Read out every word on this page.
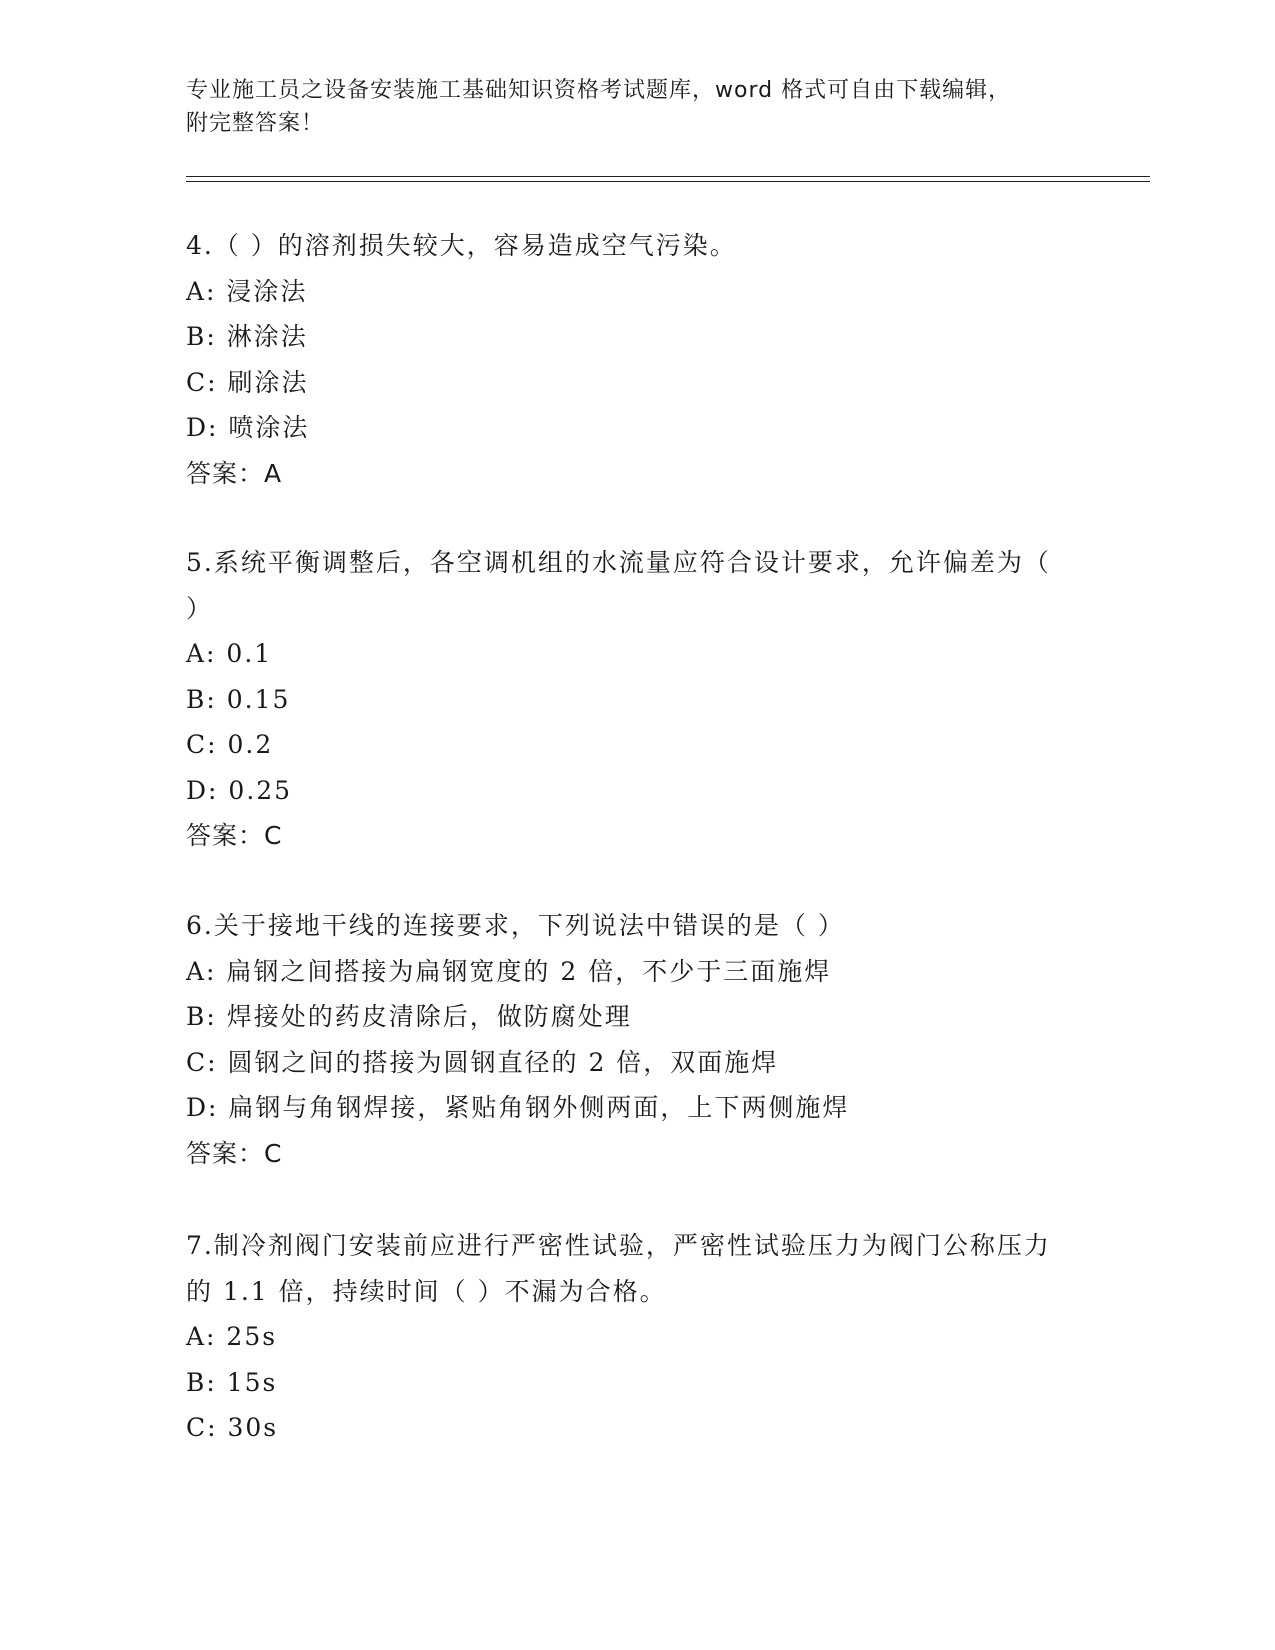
专业施工员之设备安装施工基础知识资格考试题库，word 格式可自由下载编辑，
附完整答案！
4.（ ）的溶剂损失较大，容易造成空气污染。
A: 浸涂法
B: 淋涂法
C: 刷涂法
D: 喷涂法
答案：A
5.系统平衡调整后，各空调机组的水流量应符合设计要求，允许偏差为（ ）
A: 0.1
B: 0.15
C: 0.2
D: 0.25
答案：C
6.关于接地干线的连接要求，下列说法中错误的是（ ）
A: 扁钢之间搭接为扁钢宽度的 2 倍，不少于三面施焊
B: 焊接处的药皮清除后，做防腐处理
C: 圆钢之间的搭接为圆钢直径的 2 倍，双面施焊
D: 扁钢与角钢焊接，紧贴角钢外侧两面，上下两侧施焊
答案：C
7.制冷剂阀门安装前应进行严密性试验，严密性试验压力为阀门公称压力的 1.1 倍，持续时间（ ）不漏为合格。
A: 25s
B: 15s
C: 30s
